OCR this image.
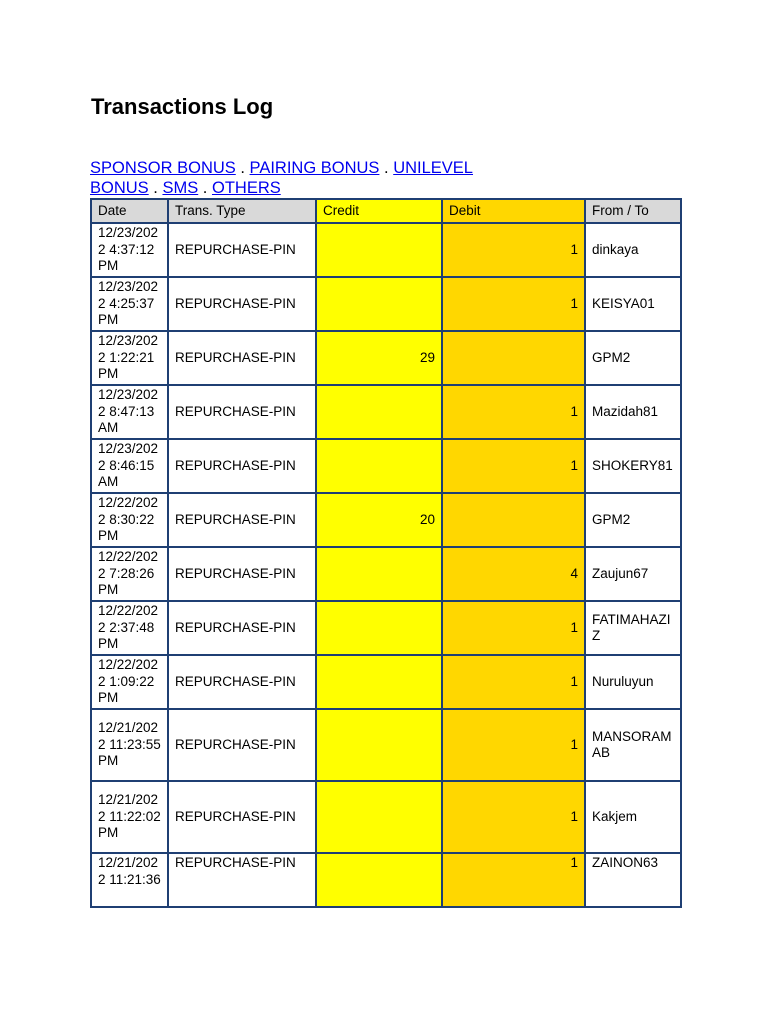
Transactions Log
SPONSOR BONUS . PAIRING BONUS . UNILEVEL BONUS . SMS . OTHERS
Date	Trans. Type	Credit	Debit	From / To
12/23/2022 4:37:12 PM	REPURCHASE-PIN		1	dinkaya
12/23/2022 4:25:37 PM	REPURCHASE-PIN		1	KEISYA01
12/23/2022 1:22:21 PM	REPURCHASE-PIN	29		GPM2
12/23/2022 8:47:13 AM	REPURCHASE-PIN		1	Mazidah81
12/23/2022 8:46:15 AM	REPURCHASE-PIN		1	SHOKERY81
12/22/2022 8:30:22 PM	REPURCHASE-PIN	20		GPM2
12/22/2022 7:28:26 PM	REPURCHASE-PIN		4	Zaujun67
12/22/2022 2:37:48 PM	REPURCHASE-PIN		1	FATIMAHAZIZ
12/22/2022 1:09:22 PM	REPURCHASE-PIN		1	Nuruluyun
12/21/2022 11:23:55 PM	REPURCHASE-PIN		1	MANSORAMAB
12/21/2022 11:22:02 PM	REPURCHASE-PIN		1	Kakjem
12/21/2022 11:21:36	REPURCHASE-PIN		1	ZAINON63
